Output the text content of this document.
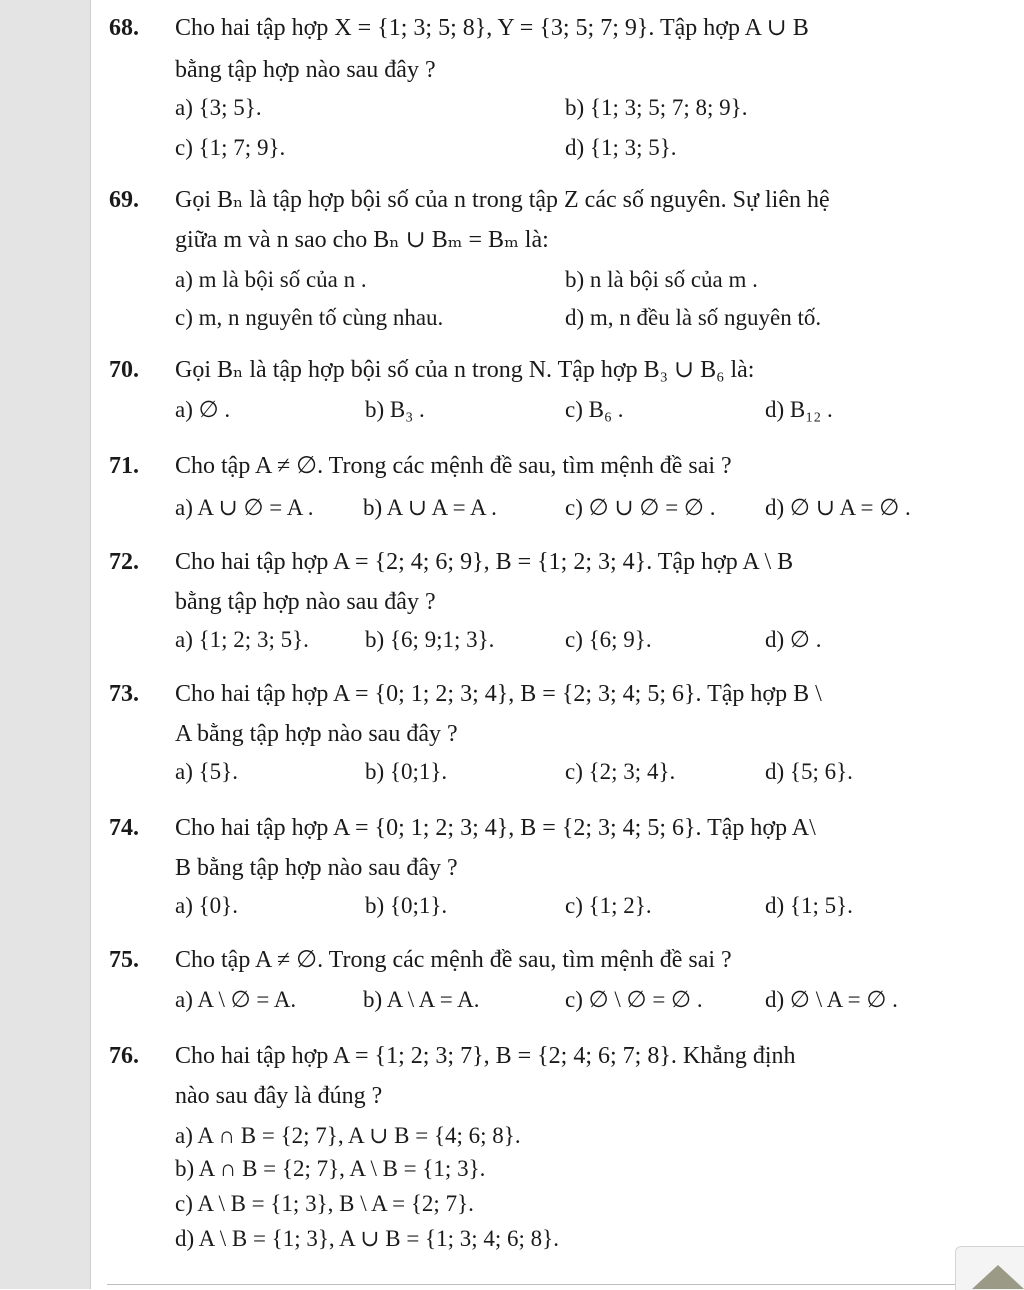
68. Cho hai tập hợp X = {1; 3; 5; 8}, Y = {3; 5; 7; 9}. Tập hợp A ∪ B
bằng tập hợp nào sau đây ?
a) {3; 5}.	b) {1; 3; 5; 7; 8; 9}.
c) {1; 7; 9}.	d) {1; 3; 5}.
69. Gọi Bₙ là tập hợp bội số của n trong tập Z các số nguyên. Sự liên hệ
giữa m và n sao cho Bₙ ∪ Bₘ = Bₘ là:
a) m là bội số của n .	b) n là bội số của m .
c) m, n nguyên tố cùng nhau.	d) m, n đều là số nguyên tố.
70. Gọi Bₙ là tập hợp bội số của n trong N. Tập hợp B₃ ∪ B₆ là:
a) ∅ .	b) B₃ .	c) B₆ .	d) B₁₂ .
71. Cho tập A ≠ ∅. Trong các mệnh đề sau, tìm mệnh đề sai ?
a) A ∪ ∅ = A . b) A ∪ A = A .	c) ∅ ∪ ∅ = ∅ . d) ∅ ∪ A = ∅ .
72. Cho hai tập hợp A = {2; 4; 6; 9}, B = {1; 2; 3; 4}. Tập hợp A \ B
bằng tập hợp nào sau đây ?
a) {1; 2; 3; 5}. b) {6; 9;1; 3}.	c) {6; 9}.	d) ∅ .
73. Cho hai tập hợp A = {0; 1; 2; 3; 4}, B = {2; 3; 4; 5; 6}. Tập hợp B \
A bằng tập hợp nào sau đây ?
a) {5}.	b) {0;1}.	c) {2; 3; 4}.	d) {5; 6}.
74. Cho hai tập hợp A = {0; 1; 2; 3; 4}, B = {2; 3; 4; 5; 6}. Tập hợp A\
B bằng tập hợp nào sau đây ?
a) {0}.	b) {0;1}.	c) {1; 2}.	d) {1; 5}.
75. Cho tập A ≠ ∅. Trong các mệnh đề sau, tìm mệnh đề sai ?
a) A \ ∅ = A.	b) A \ A = A.	c) ∅ \ ∅ = ∅ .	d) ∅ \ A = ∅ .
76. Cho hai tập hợp A = {1; 2; 3; 7}, B = {2; 4; 6; 7; 8}. Khẳng định
nào sau đây là đúng ?
a) A ∩ B = {2; 7}, A ∪ B = {4; 6; 8}.
b) A ∩ B = {2; 7}, A \ B = {1; 3}.
c) A \ B = {1; 3}, B \ A = {2; 7}.
d) A \ B = {1; 3}, A ∪ B = {1; 3; 4; 6; 8}.
